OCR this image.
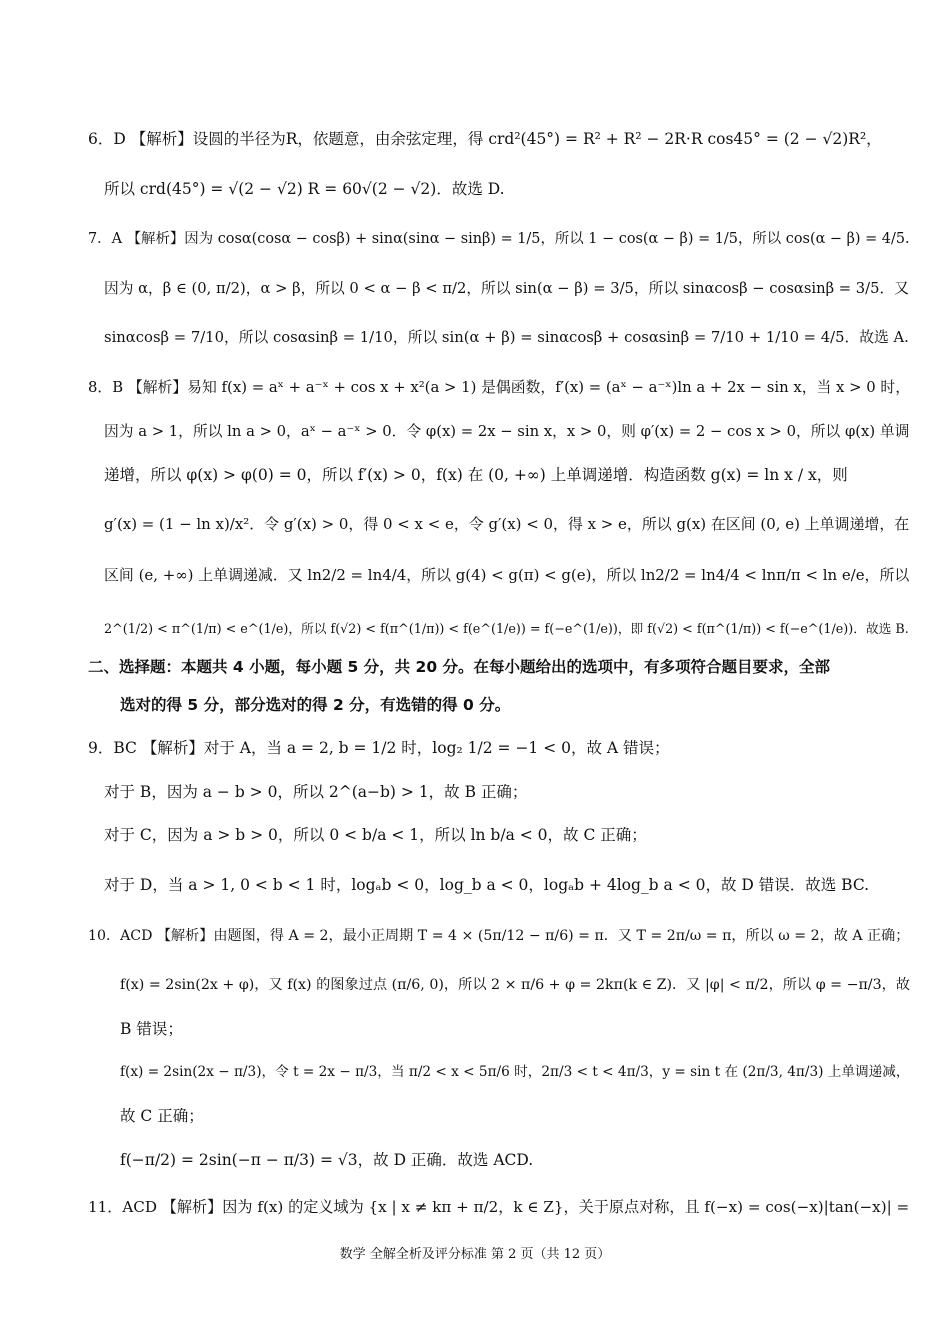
6．D 【解析】设圆的半径为R，依题意，由余弦定理，得 crd²(45°) = R² + R² − 2R·R cos45° = (2 − √2)R²，
所以 crd(45°) = √(2 − √2) R = 60√(2 − √2)．故选 D.
7．A 【解析】因为 cosα(cosα − cosβ) + sinα(sinα − sinβ) = 1/5，所以 1 − cos(α − β) = 1/5，所以 cos(α − β) = 4/5.
因为 α，β ∈ (0, π/2)，α > β，所以 0 < α − β < π/2，所以 sin(α − β) = 3/5，所以 sinαcosβ − cosαsinβ = 3/5．又
sinαcosβ = 7/10，所以 cosαsinβ = 1/10，所以 sin(α + β) = sinαcosβ + cosαsinβ = 7/10 + 1/10 = 4/5．故选 A.
8．B 【解析】易知 f(x) = aˣ + a⁻ˣ + cos x + x²(a > 1) 是偶函数，f′(x) = (aˣ − a⁻ˣ)ln a + 2x − sin x，当 x > 0 时，
因为 a > 1，所以 ln a > 0，aˣ − a⁻ˣ > 0．令 φ(x) = 2x − sin x，x > 0，则 φ′(x) = 2 − cos x > 0，所以 φ(x) 单调
递增，所以 φ(x) > φ(0) = 0，所以 f′(x) > 0，f(x) 在 (0, +∞) 上单调递增．构造函数 g(x) = ln x / x，则
g′(x) = (1 − ln x)/x²．令 g′(x) > 0，得 0 < x < e，令 g′(x) < 0，得 x > e，所以 g(x) 在区间 (0, e) 上单调递增，在
区间 (e, +∞) 上单调递减．又 ln2/2 = ln4/4，所以 g(4) < g(π) < g(e)，所以 ln2/2 = ln4/4 < lnπ/π < ln e/e，所以
2^(1/2) < π^(1/π) < e^(1/e)，所以 f(√2) < f(π^(1/π)) < f(e^(1/e)) = f(−e^(1/e))，即 f(√2) < f(π^(1/π)) < f(−e^(1/e))．故选 B.
二、选择题：本题共 4 小题，每小题 5 分，共 20 分。在每小题给出的选项中，有多项符合题目要求，全部
选对的得 5 分，部分选对的得 2 分，有选错的得 0 分。
9．BC 【解析】对于 A，当 a = 2, b = 1/2 时，log₂ 1/2 = −1 < 0，故 A 错误；
对于 B，因为 a − b > 0，所以 2^(a−b) > 1，故 B 正确；
对于 C，因为 a > b > 0，所以 0 < b/a < 1，所以 ln b/a < 0，故 C 正确；
对于 D，当 a > 1, 0 < b < 1 时，logₐb < 0，log_b a < 0，logₐb + 4log_b a < 0，故 D 错误．故选 BC.
10．ACD 【解析】由题图，得 A = 2，最小正周期 T = 4 × (5π/12 − π/6) = π．又 T = 2π/ω = π，所以 ω = 2，故 A 正确；
f(x) = 2sin(2x + φ)，又 f(x) 的图象过点 (π/6, 0)，所以 2 × π/6 + φ = 2kπ(k ∈ Z)．又 |φ| < π/2，所以 φ = −π/3，故
B 错误；
f(x) = 2sin(2x − π/3)，令 t = 2x − π/3，当 π/2 < x < 5π/6 时，2π/3 < t < 4π/3，y = sin t 在 (2π/3, 4π/3) 上单调递减，
故 C 正确；
f(−π/2) = 2sin(−π − π/3) = √3，故 D 正确．故选 ACD.
11．ACD 【解析】因为 f(x) 的定义域为 {x | x ≠ kπ + π/2，k ∈ Z}，关于原点对称，且 f(−x) = cos(−x)|tan(−x)| =
数学 全解全析及评分标准 第 2 页（共 12 页）
